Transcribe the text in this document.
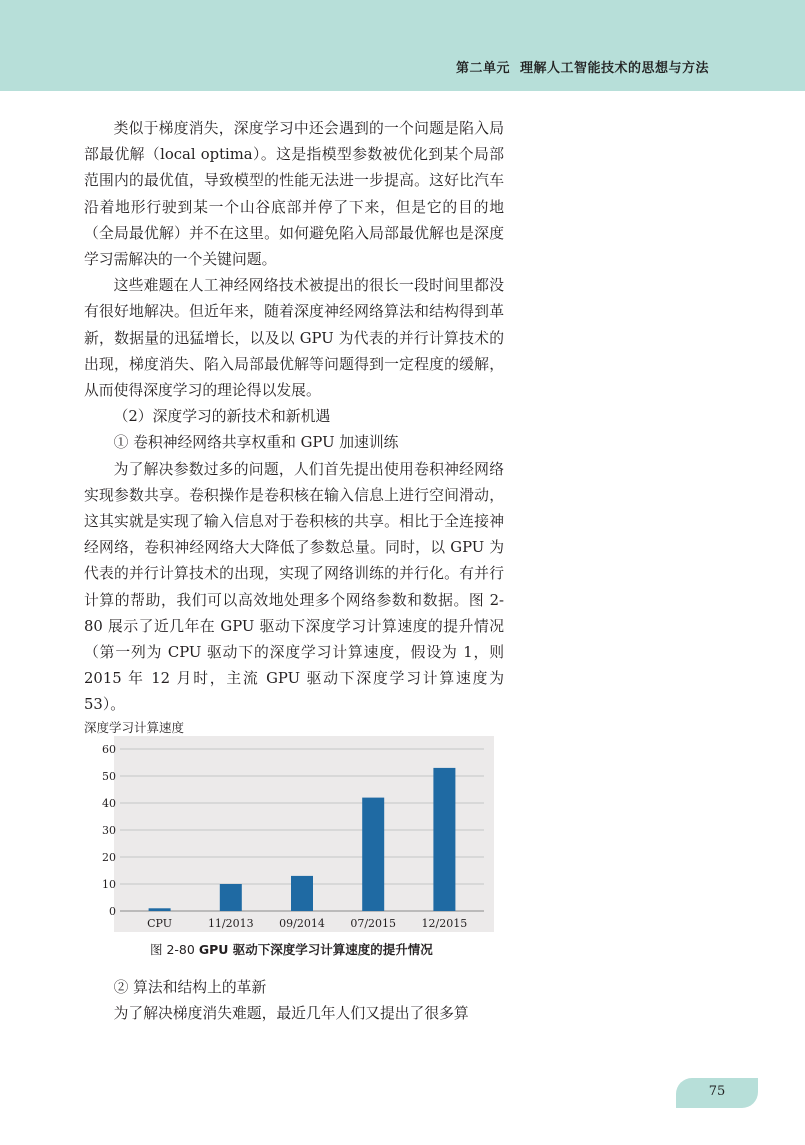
第二单元 理解人工智能技术的思想与方法

类似于梯度消失，深度学习中还会遇到的一个问题是陷入局部最优解（local optima）。这是指模型参数被优化到某个局部范围内的最优值，导致模型的性能无法进一步提高。这好比汽车沿着地形行驶到某一个山谷底部并停了下来，但是它的目的地（全局最优解）并不在这里。如何避免陷入局部最优解也是深度学习需解决的一个关键问题。

这些难题在人工神经网络技术被提出的很长一段时间里都没有很好地解决。但近年来，随着深度神经网络算法和结构得到革新，数据量的迅猛增长，以及以 GPU 为代表的并行计算技术的出现，梯度消失、陷入局部最优解等问题得到一定程度的缓解，从而使得深度学习的理论得以发展。

（2）深度学习的新技术和新机遇

① 卷积神经网络共享权重和 GPU 加速训练

为了解决参数过多的问题，人们首先提出使用卷积神经网络实现参数共享。卷积操作是卷积核在输入信息上进行空间滑动，这其实就是实现了输入信息对于卷积核的共享。相比于全连接神经网络，卷积神经网络大大降低了参数总量。同时，以 GPU 为代表的并行计算技术的出现，实现了网络训练的并行化。有并行计算的帮助，我们可以高效地处理多个网络参数和数据。图 2-80 展示了近几年在 GPU 驱动下深度学习计算速度的提升情况（第一列为 CPU 驱动下的深度学习计算速度，假设为 1，则 2015 年 12 月时，主流 GPU 驱动下深度学习计算速度为 53）。

深度学习计算速度
0
10
20
30
40
50
60
CPU	11/2013 09/2014 07/2015 12/2015
图 2-80 GPU 驱动下深度学习计算速度的提升情况

② 算法和结构上的革新

为了解决梯度消失难题，最近几年人们又提出了很多算

75
